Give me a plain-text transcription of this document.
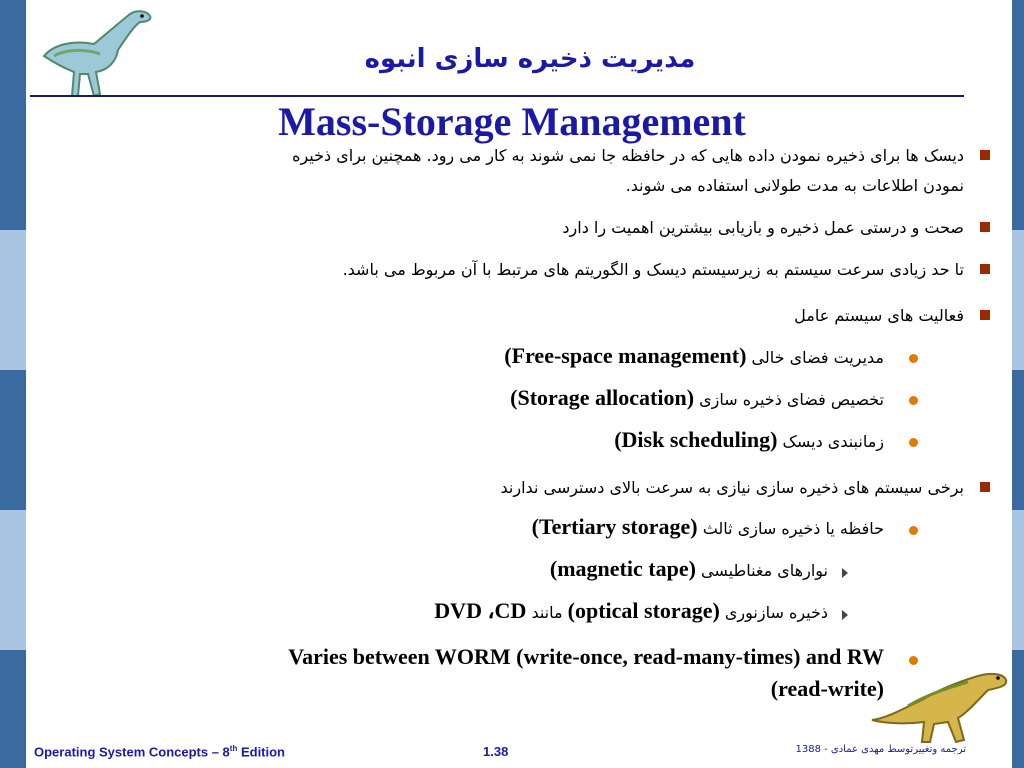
مدیریت ذخیره سازی انبوه
Mass-Storage Management
دیسک ها برای ذخیره نمودن داده هایی که در حافظه جا نمی شوند به کار می رود. همچنین برای ذخیره
نمودن اطلاعات به مدت طولانی استفاده می شوند.
صحت و درستی عمل ذخیره و بازیابی بیشترین اهمیت را دارد
تا حد زیادی سرعت سیستم به زیرسیستم دیسک و الگوریتم های مرتبط با آن مربوط می باشد.
فعالیت های سیستم عامل
مدیریت فضای خالی (Free-space management)
تخصیص فضای ذخیره سازی (Storage allocation)
زمانبندی دیسک (Disk scheduling)
برخی سیستم های ذخیره سازی نیازی به سرعت بالای دسترسی ندارند
حافظه یا ذخیره سازی ثالث (Tertiary storage)
نوارهای مغناطیسی (magnetic tape)
ذخیره سازنوری (optical storage) مانند DVD ،CD
Varies between WORM (write-once, read-many-times) and RW
(read-write)
Operating System Concepts – 8th Edition	1.38	ترجمه وتغییرتوسط مهدی عمادی - 1388
